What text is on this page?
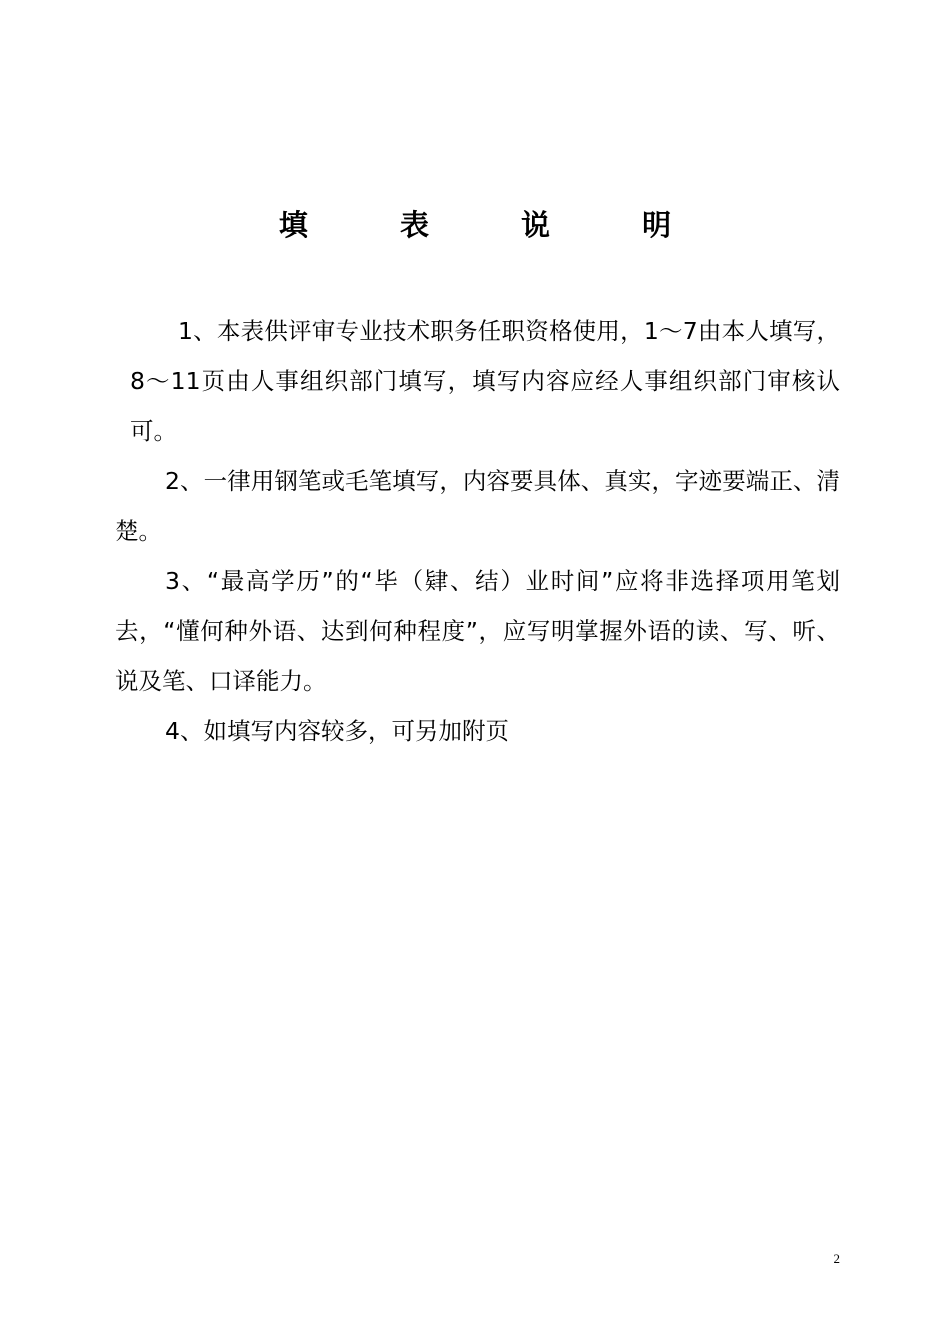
填 表 说 明

1、本表供评审专业技术职务任职资格使用，1～7由本人填写，8～11页由人事组织部门填写，填写内容应经人事组织部门审核认可。

2、一律用钢笔或毛笔填写，内容要具体、真实，字迹要端正、清楚。

3、“最高学历”的“毕（肄、结）业时间”应将非选择项用笔划去，“懂何种外语、达到何种程度”，应写明掌握外语的读、写、听、说及笔、口译能力。

4、如填写内容较多，可另加附页

2
